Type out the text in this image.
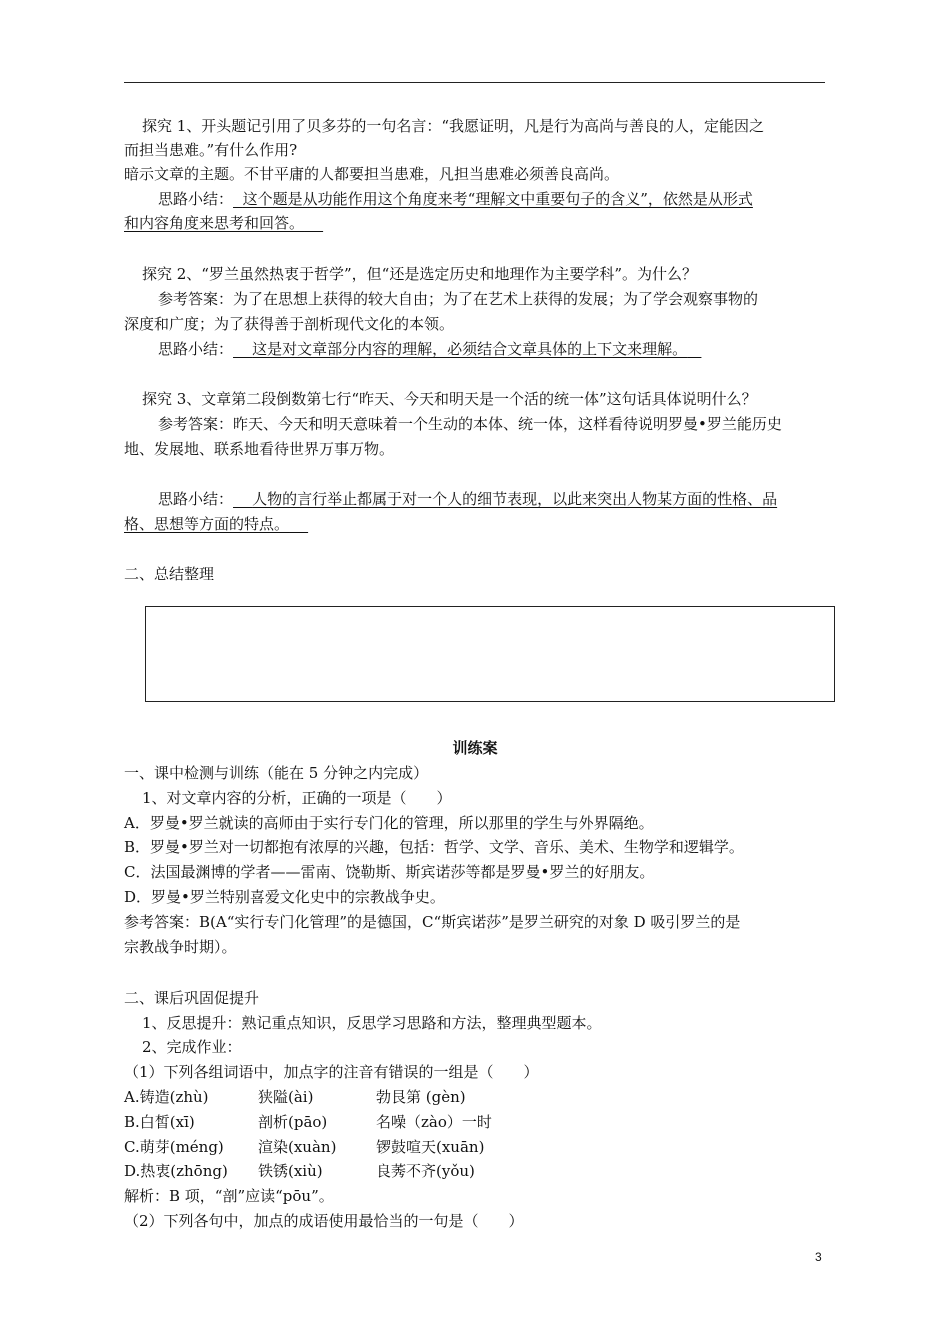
探究 1、开头题记引用了贝多芬的一句名言：“我愿证明，凡是行为高尚与善良的人，定能因之
而担当患难。”有什么作用?
暗示文章的主题。不甘平庸的人都要担当患难，凡担当患难必须善良高尚。
思路小结： 这个题是从功能作用这个角度来考“理解文中重要句子的含义”，依然是从形式
和内容角度来思考和回答。
探究 2、“罗兰虽然热衷于哲学”，但“还是选定历史和地理作为主要学科”。为什么？
参考答案：为了在思想上获得的较大自由；为了在艺术上获得的发展；为了学会观察事物的
深度和广度；为了获得善于剖析现代文化的本领。
思路小结： 这是对文章部分内容的理解，必须结合文章具体的上下文来理解。
探究 3、文章第二段倒数第七行“昨天、今天和明天是一个活的统一体”这句话具体说明什么？
参考答案：昨天、今天和明天意味着一个生动的本体、统一体，这样看待说明罗曼•罗兰能历史
地、发展地、联系地看待世界万事万物。
思路小结： 人物的言行举止都属于对一个人的细节表现，以此来突出人物某方面的性格、品
格、思想等方面的特点。
二、总结整理
训练案
一、课中检测与训练（能在 5 分钟之内完成）
1、对文章内容的分析，正确的一项是（　　）
A．罗曼•罗兰就读的高师由于实行专门化的管理，所以那里的学生与外界隔绝。
B．罗曼•罗兰对一切都抱有浓厚的兴趣，包括：哲学、文学、音乐、美术、生物学和逻辑学。
C．法国最渊博的学者——雷南、饶勒斯、斯宾诺莎等都是罗曼•罗兰的好朋友。
D．罗曼•罗兰特别喜爱文化史中的宗教战争史。
参考答案：B(A“实行专门化管理”的是德国，C“斯宾诺莎”是罗兰研究的对象 D 吸引罗兰的是
宗教战争时期）。
二、课后巩固促提升
1、反思提升：熟记重点知识，反思学习思路和方法，整理典型题本。
2、完成作业：
（1）下列各组词语中，加点字的注音有错误的一组是（　　）
A.铸造(zhù)	狭隘(ài)	勃艮第 (gèn)
B.白皙(xī)	剖析(pāo)	名噪（zào）一时
C.萌芽(méng) 渲染(xuàn)	锣鼓喧天(xuān)
D.热衷(zhōng) 铁锈(xiù)	良莠不齐(yǒu)
解析：B 项，“剖”应读“pōu”。
（2）下列各句中，加点的成语使用最恰当的一句是（　　）
3
